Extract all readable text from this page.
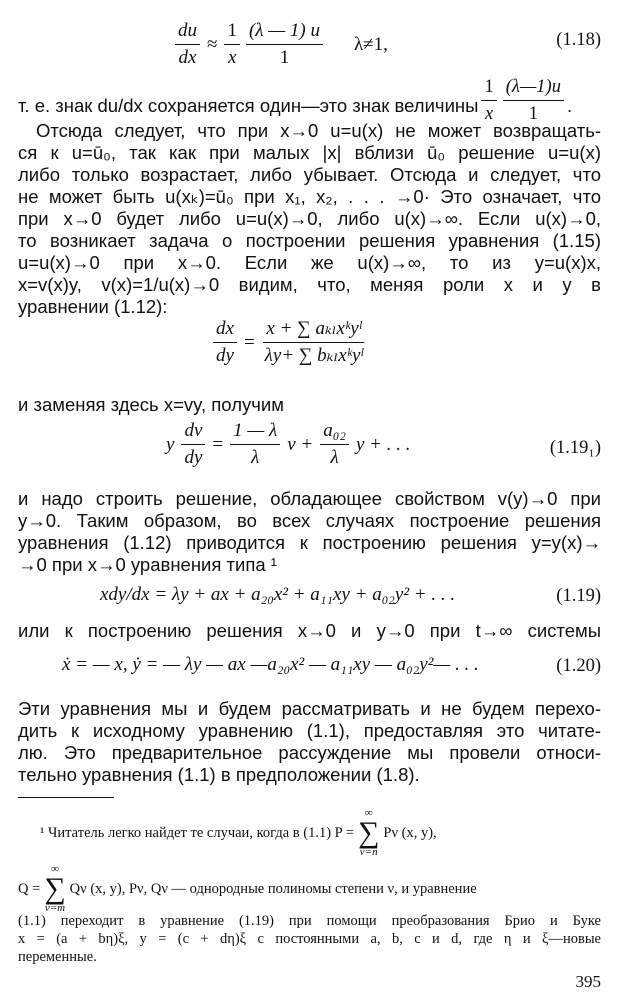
$\frac{du}{dx} \approx \frac{1}{x} \frac{(\lambda — 1) u}{1} \lambda\ne 1$,	(1.18)
т. е. знак du/dx сохраняется один—это знак величины $\frac{1}{x} \frac{(\lambda—1)u}{1}$ .
Отсюда следует, что при x→0 u=u(x) не может возвращать-
ся к u=ū₀, так как при малых |x| вблизи ū₀ решение u=u(x)
либо только возрастает, либо убывает. Отсюда и следует, что
не может быть u(xₖ)=ū₀ при x₁, x₂, . . . →0· Это означает, что
при x→0 будет либо u=u(x)→0, либо u(x)→∞. Если u(x)→0,
то возникает задача о построении решения уравнения (1.15)
u=u(x)→0 при x→0. Если же u(x)→∞, то из y=u(x)x,
x=v(x)y, v(x)=1/u(x)→0 видим, что, меняя роли x и y в
уравнении (1.12):
$\frac{dx}{dy} = \frac{\text{x + ∑ aₖₗxᵏyˡ}}{\text{λy+ ∑ bₖₗxᵏyˡ}}$
и заменяя здесь x=vy, получим
y $\frac{dv}{dy} = \frac{1 — \lambda}{\lambda}$ $v + \frac{\text{a₀₂}}{\lambda}$ y + . . .	(1.19₁)
и надо строить решение, обладающее свойством v(y)→0 при
y→0. Таким образом, во всех случаях построение решения
уравнения (1.12) приводится к построению решения y=y(x)→
→0 при x→0 уравнения типа ¹
xdy/dx = λy + ax + a₂₀x² + a₁₁xy + a₀₂y² + . . .	(1.19)
или к построению решения x→0 и y→0 при t→∞ системы
ẋ = — x, ẏ = — λy — ax —a₂₀x² — a₁₁xy — a₀₂y²— . . .	(1.20)
Эти уравнения мы и будем рассматривать и не будем перехо-
дить к исходному уравнению (1.1), предоставляя это читате-
лю. Это предварительное рассуждение мы провели относи-
тельно уравнения (1.1) в предположении (1.8).
¹ Читатель легко найдет те случаи, когда в (1.1) P =
∞
∑
ν=n
Pν (x, y),
Q =
∞
∑
ν=m
Qν (x, y), Pν, Qν — однородные полиномы степени ν, и уравнение
(1.1) переходит в уравнение (1.19) при помощи преобразования Брио и Буке
x = (a + bη)ξ, y = (c + dη)ξ с постоянными a, b, c и d, где η и ξ—новые
переменные.
395
